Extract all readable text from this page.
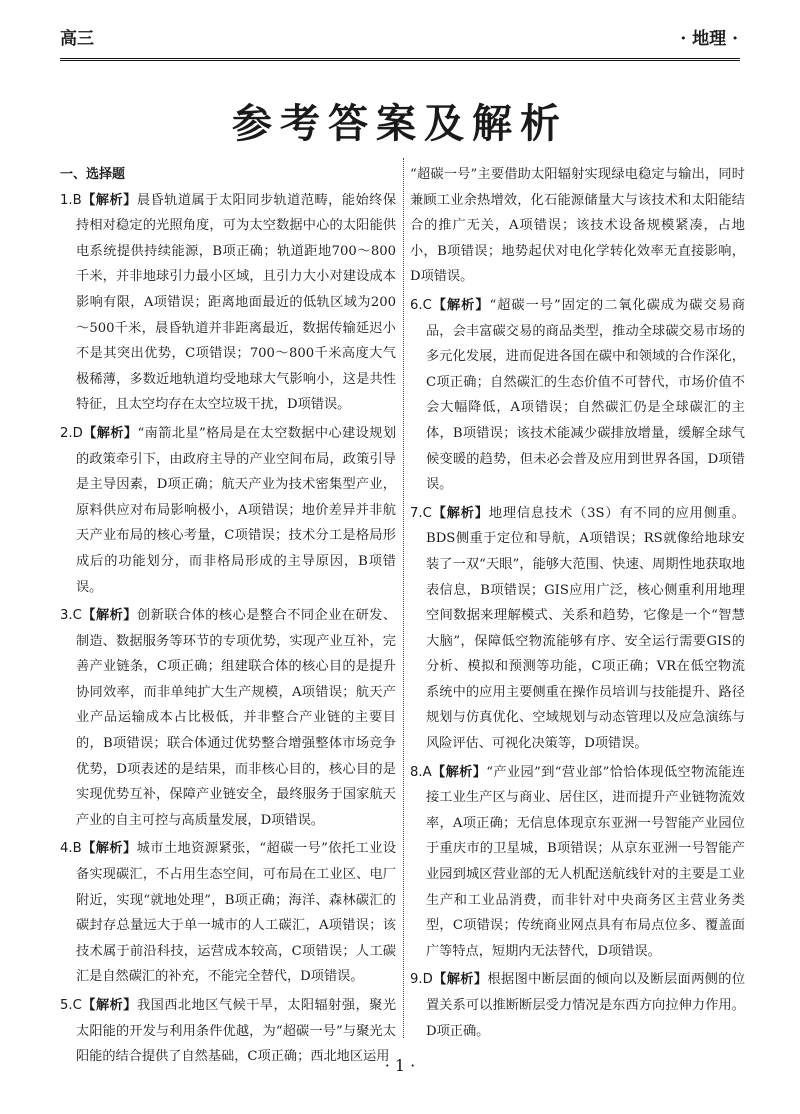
高三	· 地理 ·
参考答案及解析
一、选择题
1.B【解析】晨昏轨道属于太阳同步轨道范畴，能始终保持相对稳定的光照角度，可为太空数据中心的太阳能供电系统提供持续能源，B项正确；轨道距地700～800千米，并非地球引力最小区域，且引力大小对建设成本影响有限，A项错误；距离地面最近的低轨区域为200～500千米，晨昏轨道并非距离最近，数据传输延迟小不是其突出优势，C项错误；700～800千米高度大气极稀薄，多数近地轨道均受地球大气影响小，这是共性特征，且太空均存在太空垃圾干扰，D项错误。
2.D【解析】“南箭北星”格局是在太空数据中心建设规划的政策牵引下，由政府主导的产业空间布局，政策引导是主导因素，D项正确；航天产业为技术密集型产业，原料供应对布局影响极小，A项错误；地价差异并非航天产业布局的核心考量，C项错误；技术分工是格局形成后的功能划分，而非格局形成的主导原因，B项错误。
3.C【解析】创新联合体的核心是整合不同企业在研发、制造、数据服务等环节的专项优势，实现产业互补，完善产业链条，C项正确；组建联合体的核心目的是提升协同效率，而非单纯扩大生产规模，A项错误；航天产业产品运输成本占比极低，并非整合产业链的主要目的，B项错误；联合体通过优势整合增强整体市场竞争优势，D项表述的是结果，而非核心目的，核心目的是实现优势互补，保障产业链安全，最终服务于国家航天产业的自主可控与高质量发展，D项错误。
4.B【解析】城市土地资源紧张，“超碳一号”依托工业设备实现碳汇，不占用生态空间，可布局在工业区、电厂附近，实现“就地处理”，B项正确；海洋、森林碳汇的碳封存总量远大于单一城市的人工碳汇，A项错误；该技术属于前沿科技，运营成本较高，C项错误；人工碳汇是自然碳汇的补充，不能完全替代，D项错误。
5.C【解析】我国西北地区气候干旱，太阳辐射强，聚光太阳能的开发与利用条件优越，为“超碳一号”与聚光太阳能的结合提供了自然基础，C项正确；西北地区运用
“超碳一号”主要借助太阳辐射实现绿电稳定与输出，同时兼顾工业余热增效，化石能源储量大与该技术和太阳能结合的推广无关，A项错误；该技术设备规模紧凑，占地小，B项错误；地势起伏对电化学转化效率无直接影响，D项错误。
6.C【解析】“超碳一号”固定的二氧化碳成为碳交易商品，会丰富碳交易的商品类型，推动全球碳交易市场的多元化发展，进而促进各国在碳中和领域的合作深化，C项正确；自然碳汇的生态价值不可替代，市场价值不会大幅降低，A项错误；自然碳汇仍是全球碳汇的主体，B项错误；该技术能减少碳排放增量，缓解全球气候变暖的趋势，但未必会普及应用到世界各国，D项错误。
7.C【解析】地理信息技术（3S）有不同的应用侧重。BDS侧重于定位和导航，A项错误；RS就像给地球安装了一双“天眼”，能够大范围、快速、周期性地获取地表信息，B项错误；GIS应用广泛，核心侧重利用地理空间数据来理解模式、关系和趋势，它像是一个“智慧大脑”，保障低空物流能够有序、安全运行需要GIS的分析、模拟和预测等功能，C项正确；VR在低空物流系统中的应用主要侧重在操作员培训与技能提升、路径规划与仿真优化、空域规划与动态管理以及应急演练与风险评估、可视化决策等，D项错误。
8.A【解析】“产业园”到“营业部”恰恰体现低空物流能连接工业生产区与商业、居住区，进而提升产业链物流效率，A项正确；无信息体现京东亚洲一号智能产业园位于重庆市的卫星城，B项错误；从京东亚洲一号智能产业园到城区营业部的无人机配送航线针对的主要是工业生产和工业品消费，而非针对中央商务区主营业务类型，C项错误；传统商业网点具有布局点位多、覆盖面广等特点，短期内无法替代，D项错误。
9.D【解析】根据图中断层面的倾向以及断层面两侧的位置关系可以推断断层受力情况是东西方向拉伸力作用。D项正确。
· 1 ·
